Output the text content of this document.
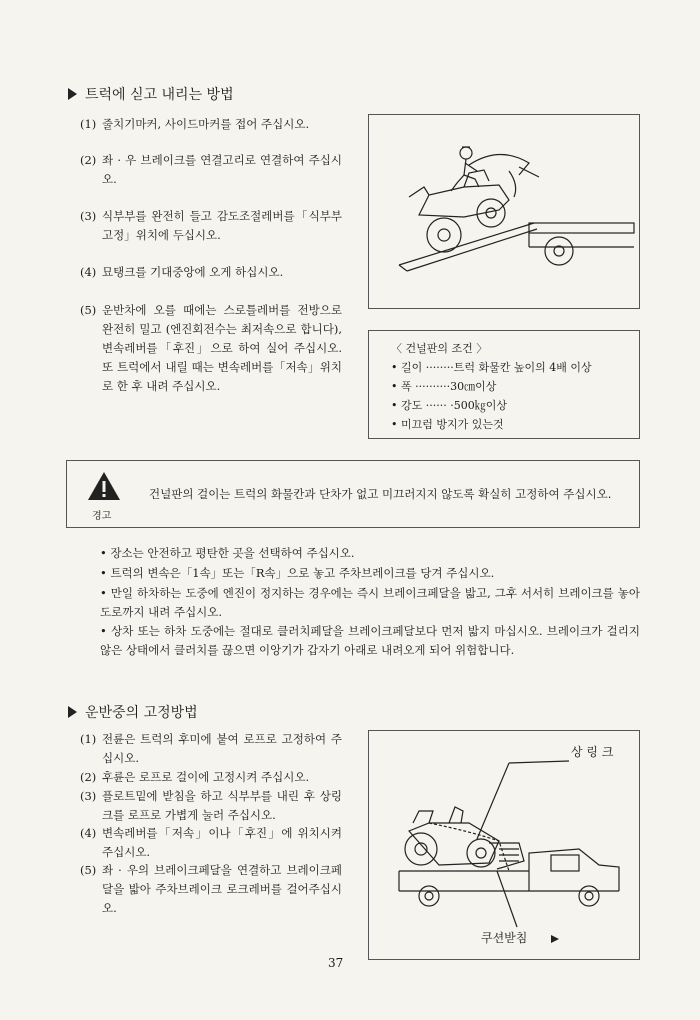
트럭에 싣고 내리는 방법
(1) 줄치기마커, 사이드마커를 접어 주십시오.
(2) 좌 · 우 브레이크를 연결고리로 연결하여 주십시오.
(3) 식부부를 완전히 들고 감도조절레버를「식부부 고정」위치에 두십시오.
(4) 묘탱크를 기대중앙에 오게 하십시오.
(5) 운반차에 오를 때에는 스로틀레버를 전방으로 완전히 밀고 (엔진회전수는 최저속으로 합니다), 변속레버를「후진」으로 하여 실어 주십시오. 또 트럭에서 내릴 때는 변속레버를「저속」위치로 한 후 내려 주십시오.
〈 건널판의 조건 〉
• 길이 ········트럭 화물칸 높이의 4배 이상
• 폭 ··········30㎝이상
• 강도 ······ ·500㎏이상
• 미끄럼 방지가 있는것
경고
건널판의 걸이는 트럭의 화물칸과 단차가 없고 미끄러지지 않도록 확실히 고정하여 주십시오.
• 장소는 안전하고 평탄한 곳을 선택하여 주십시오.
• 트럭의 변속은「1속」또는「R속」으로 놓고 주차브레이크를 당겨 주십시오.
• 만일 하차하는 도중에 엔진이 정지하는 경우에는 즉시 브레이크페달을 밟고, 그후 서서히 브레이크를 놓아 도로까지 내려 주십시오.
• 상차 또는 하차 도중에는 절대로 클러치페달을 브레이크페달보다 먼저 밟지 마십시오. 브레이크가 걸리지 않은 상태에서 클러치를 끊으면 이앙기가 갑자기 아래로 내려오게 되어 위험합니다.
운반중의 고정방법
(1) 전륜은 트럭의 후미에 붙여 로프로 고정하여 주십시오.
(2) 후륜은 로프로 걸이에 고정시켜 주십시오.
(3) 플로트밑에 받침을 하고 식부부를 내린 후 상링크를 로프로 가볍게 눌러 주십시오.
(4) 변속레버를「저속」이나「후진」에 위치시켜 주십시오.
(5) 좌 · 우의 브레이크페달을 연결하고 브레이크페달을 밟아 주차브레이크 로크레버를 걸어주십시오.
상 링 크
쿠션받침
37
